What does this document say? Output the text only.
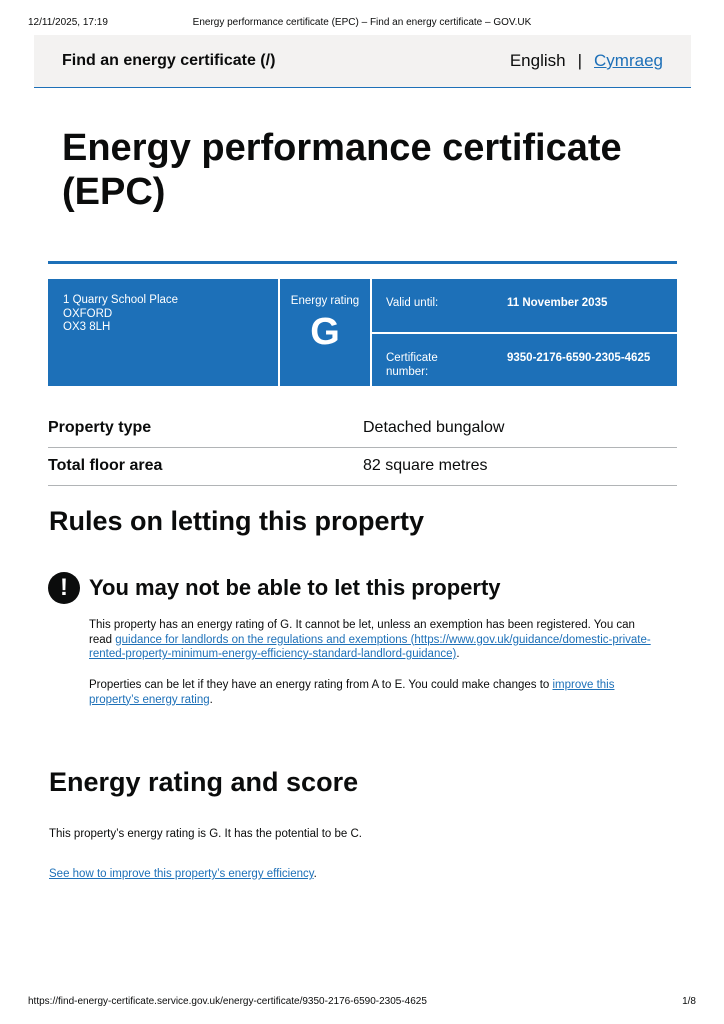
12/11/2025, 17:19	Energy performance certificate (EPC) – Find an energy certificate – GOV.UK
Find an energy certificate (/)	English | Cymraeg
Energy performance certificate (EPC)
1 Quarry School Place
OXFORD
OX3 8LH
Energy rating
G
Valid until:	11 November 2035
Certificate
number:
9350-2176-6590-2305-4625
Property type	Detached bungalow
Total floor area	82 square metres
Rules on letting this property
! You may not be able to let this property

This property has an energy rating of G. It cannot be let, unless an exemption has been registered. You can read guidance for landlords on the regulations and exemptions (https://www.gov.uk/guidance/domestic-private-rented-property-minimum-energy-efficiency-standard-landlord-guidance).

Properties can be let if they have an energy rating from A to E. You could make changes to improve this property’s energy rating.

Energy rating and score

This property’s energy rating is G. It has the potential to be C.

See how to improve this property’s energy efficiency.

https://find-energy-certificate.service.gov.uk/energy-certificate/9350-2176-6590-2305-4625	1/8
